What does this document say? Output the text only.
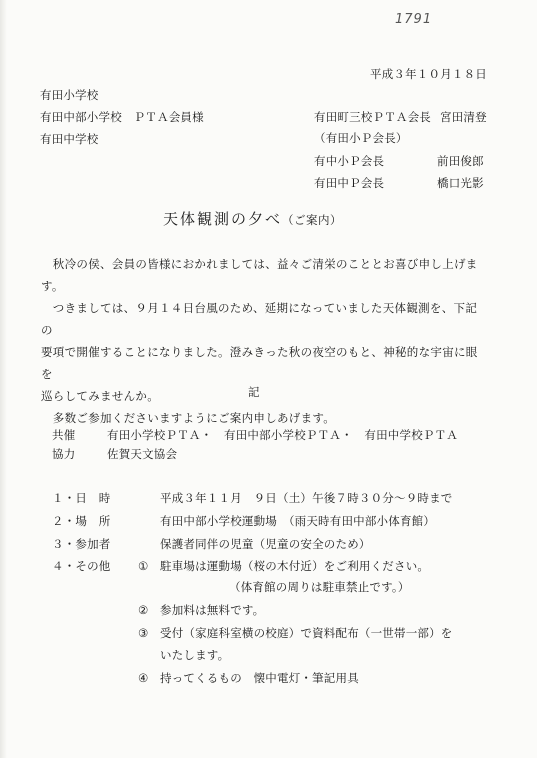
1791
平成３年１０月１８日
有田小学校
有田中部小学校　ＰＴＡ会員様
有田中学校
有田町三校ＰＴＡ会長 宮田清登
（有田小Ｐ会長）
有中小Ｐ会長	前田俊郎
有田中Ｐ会長	橋口光影
天体観測の夕べ（ご案内）

　秋冷の侯、会員の皆様におかれましては、益々ご清栄のこととお喜び申し上げます。

　つきましては、９月１４日台風のため、延期になっていました天体観測を、下記の

要項で開催することになりました。澄みきった秋の夜空のもと、神秘的な宇宙に眼を

巡らしてみませんか。

　多数ご参加くださいますようにご案内申しあげます。

記
共催	有田小学校ＰＴＡ・　有田中部小学校ＰＴＡ・　有田中学校ＰＴＡ
協力	佐賀天文協会
１・日　時	平成３年１１月　９日（土）午後７時３０分～９時まで
２・場　所	有田中部小学校運動場　（雨天時有田中部小体育館）
３・参加者	保護者同伴の児童（児童の安全のため）
４・その他 ① 駐車場は運動場（桜の木付近）をご利用ください。
（体育館の周りは駐車禁止です。）
② 参加料は無料です。
③ 受付（家庭科室横の校庭）で資料配布（一世帯一部）を
いたします。
④ 持ってくるもの　懐中電灯・筆記用具
